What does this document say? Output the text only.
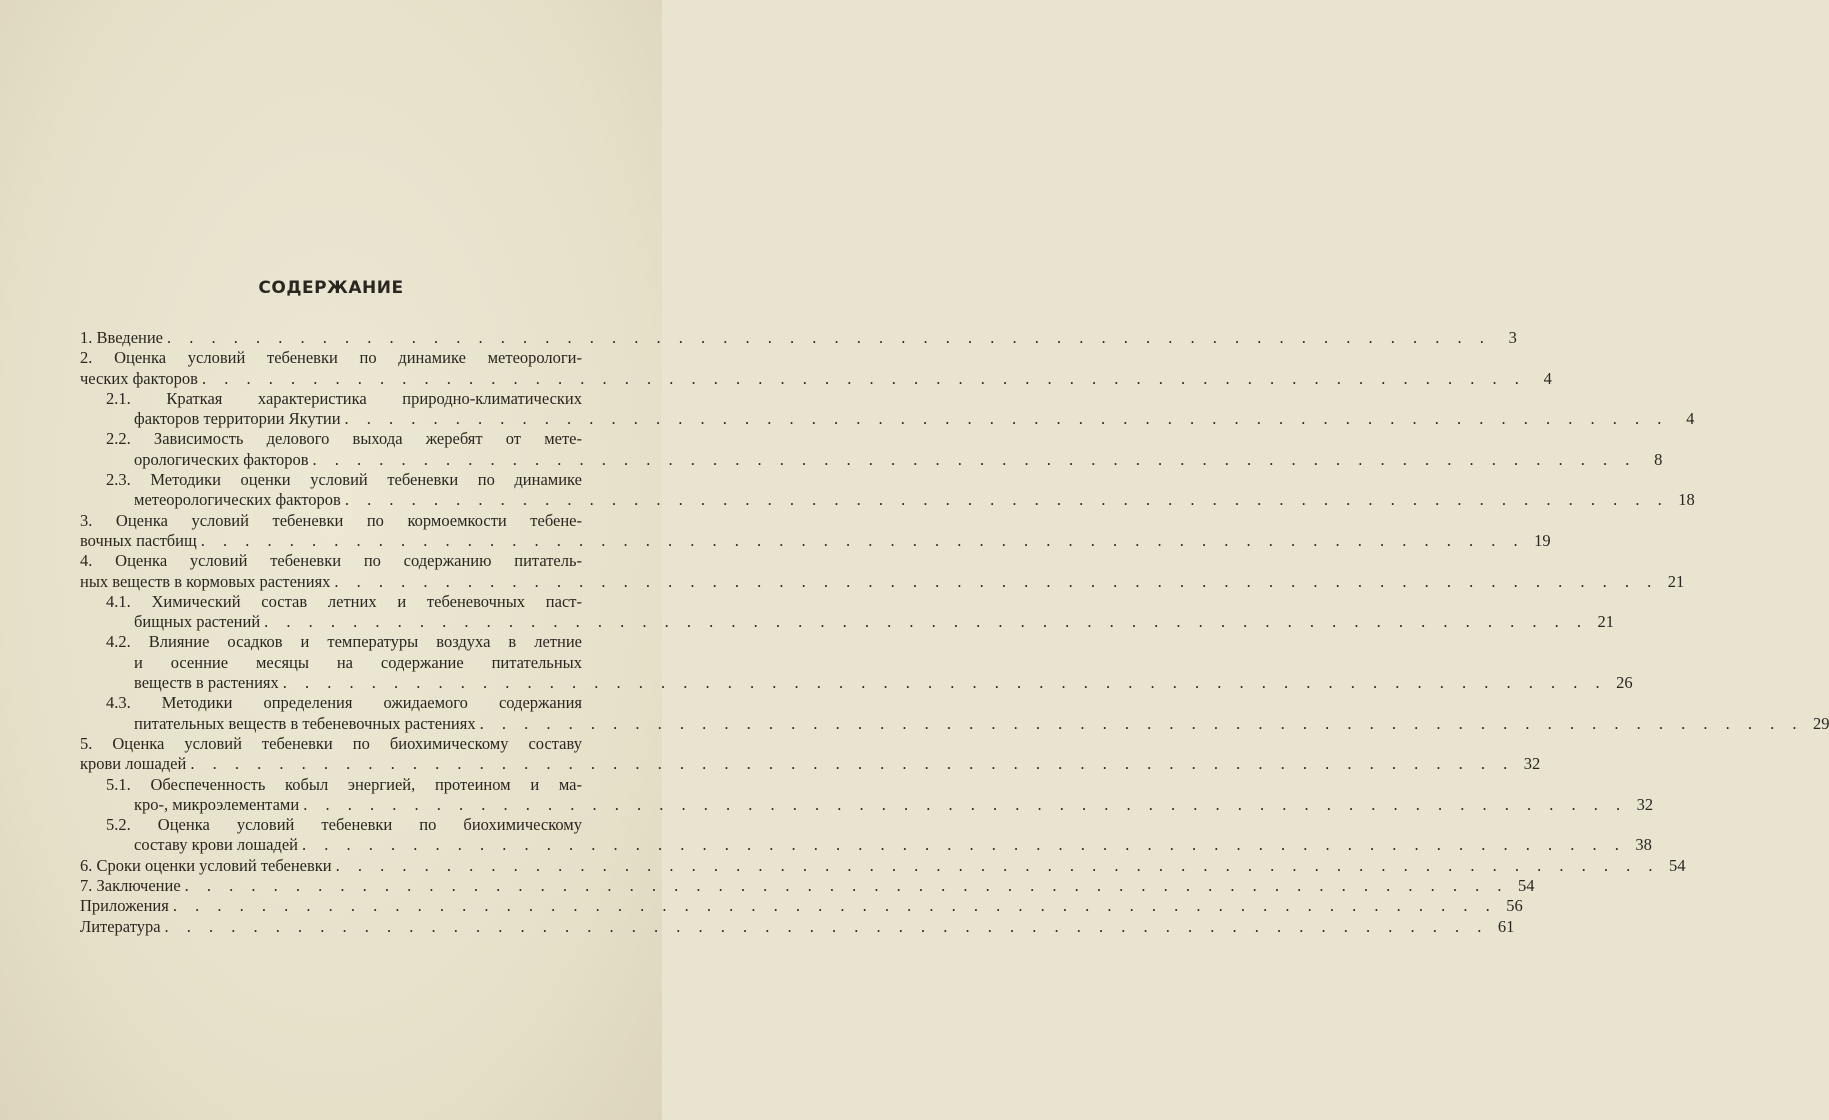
СОДЕРЖАНИЕ
1. Введение . . . . . . . . . . . . . . . . . . . . . . . . . . . . . . . . . . . . . . . . . . . . . . . . . . . . . . . . . . . .	3
2. Оценка условий тебеневки по динамике метеорологи-
ческих факторов . . . . . . . . . . . . . . . . . . . . . . . . . . . . . . . . . . . . . . . . . . . . . . . . . . . . . . . . . . . .	4
2.1. Краткая характеристика природно-климатических
факторов территории Якутии . . . . . . . . . . . . . . . . . . . . . . . . . . . . . . . . . . . . . . . . . . . . . . . . . . . . . . . . . . . .	4
2.2. Зависимость делового выхода жеребят от мете-
орологических факторов . . . . . . . . . . . . . . . . . . . . . . . . . . . . . . . . . . . . . . . . . . . . . . . . . . . . . . . . . . . .	8
2.3. Методики оценки условий тебеневки по динамике
метеорологических факторов . . . . . . . . . . . . . . . . . . . . . . . . . . . . . . . . . . . . . . . . . . . . . . . . . . . . . . . . . . . . 18
3. Оценка условий тебеневки по кормоемкости тебене-
вочных пастбищ . . . . . . . . . . . . . . . . . . . . . . . . . . . . . . . . . . . . . . . . . . . . . . . . . . . . . . . . . . . . 19
4. Оценка условий тебеневки по содержанию питатель-
ных веществ в кормовых растениях . . . . . . . . . . . . . . . . . . . . . . . . . . . . . . . . . . . . . . . . . . . . . . . . . . . . . . . . . . . . 21
4.1. Химический состав летних и тебеневочных паст-
бищных растений . . . . . . . . . . . . . . . . . . . . . . . . . . . . . . . . . . . . . . . . . . . . . . . . . . . . . . . . . . . . 21
4.2. Влияние осадков и температуры воздуха в летние
и осенние месяцы на содержание питательных
веществ в растениях . . . . . . . . . . . . . . . . . . . . . . . . . . . . . . . . . . . . . . . . . . . . . . . . . . . . . . . . . . . . 26
4.3. Методики определения ожидаемого содержания
питательных веществ в тебеневочных растениях . . . . . . . . . . . . . . . . . . . . . . . . . . . . . . . . . . . . . . . . . . . . . . . . . . . . . . . . . . . . 29
5. Оценка условий тебеневки по биохимическому составу
крови лошадей . . . . . . . . . . . . . . . . . . . . . . . . . . . . . . . . . . . . . . . . . . . . . . . . . . . . . . . . . . . . 32
5.1. Обеспеченность кобыл энергией, протеином и ма-
кро-, микроэлементами . . . . . . . . . . . . . . . . . . . . . . . . . . . . . . . . . . . . . . . . . . . . . . . . . . . . . . . . . . . . 32
5.2. Оценка условий тебеневки по биохимическому
составу крови лошадей . . . . . . . . . . . . . . . . . . . . . . . . . . . . . . . . . . . . . . . . . . . . . . . . . . . . . . . . . . . . 38
6. Сроки оценки условий тебеневки . . . . . . . . . . . . . . . . . . . . . . . . . . . . . . . . . . . . . . . . . . . . . . . . . . . . . . . . . . . . 54
7. Заключение . . . . . . . . . . . . . . . . . . . . . . . . . . . . . . . . . . . . . . . . . . . . . . . . . . . . . . . . . . . . 54
Приложения . . . . . . . . . . . . . . . . . . . . . . . . . . . . . . . . . . . . . . . . . . . . . . . . . . . . . . . . . . . . 56
Литература . . . . . . . . . . . . . . . . . . . . . . . . . . . . . . . . . . . . . . . . . . . . . . . . . . . . . . . . . . . . 61
